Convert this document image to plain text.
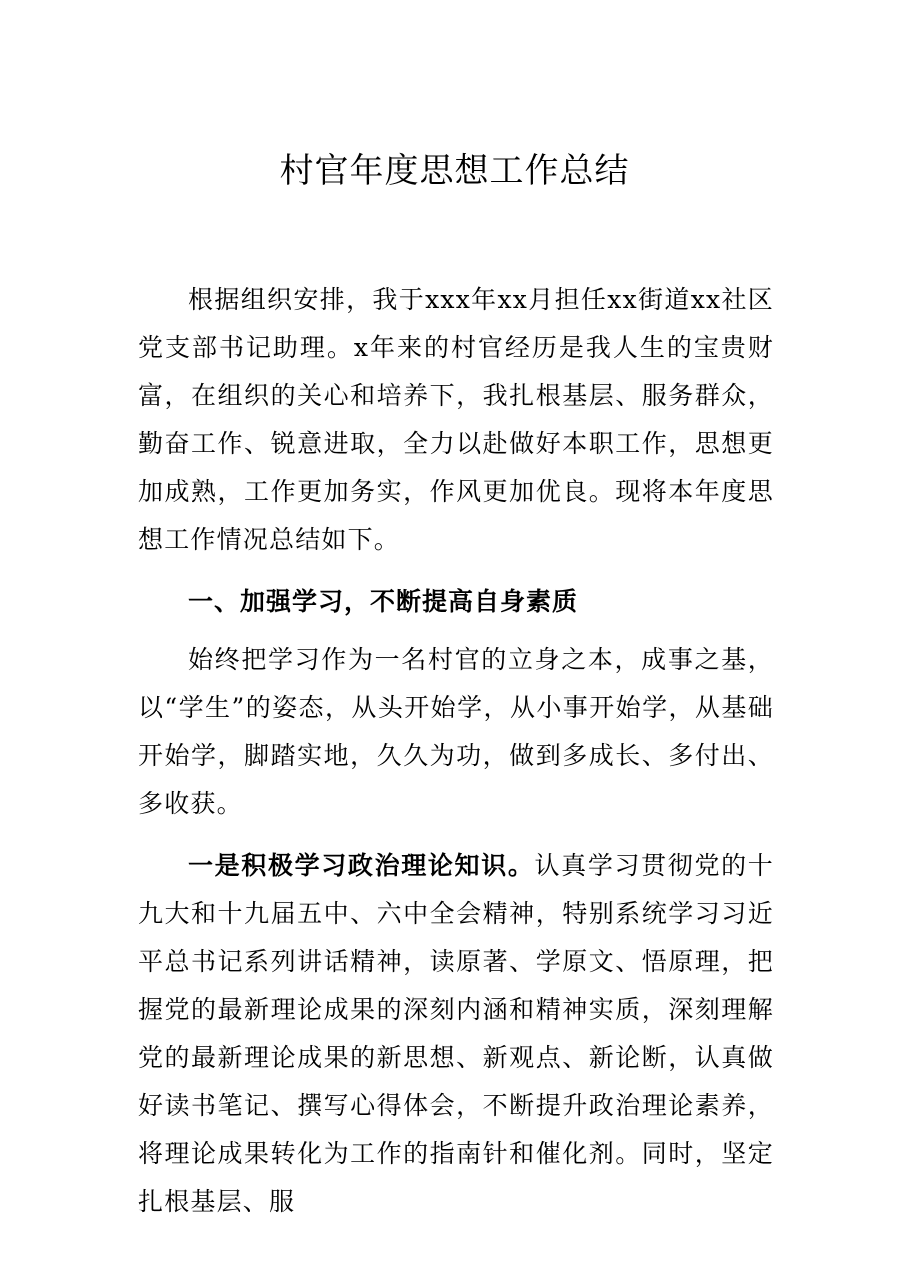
村官年度思想工作总结

根据组织安排，我于xxx年xx月担任xx街道xx社区党支部书记助理。x年来的村官经历是我人生的宝贵财富，在组织的关心和培养下，我扎根基层、服务群众，勤奋工作、锐意进取，全力以赴做好本职工作，思想更加成熟，工作更加务实，作风更加优良。现将本年度思想工作情况总结如下。

一、加强学习，不断提高自身素质

始终把学习作为一名村官的立身之本，成事之基，以“学生”的姿态，从头开始学，从小事开始学，从基础开始学，脚踏实地，久久为功，做到多成长、多付出、多收获。

一是积极学习政治理论知识。认真学习贯彻党的十九大和十九届五中、六中全会精神，特别系统学习习近平总书记系列讲话精神，读原著、学原文、悟原理，把握党的最新理论成果的深刻内涵和精神实质，深刻理解党的最新理论成果的新思想、新观点、新论断，认真做好读书笔记、撰写心得体会，不断提升政治理论素养，将理论成果转化为工作的指南针和催化剂。同时，坚定扎根基层、服
